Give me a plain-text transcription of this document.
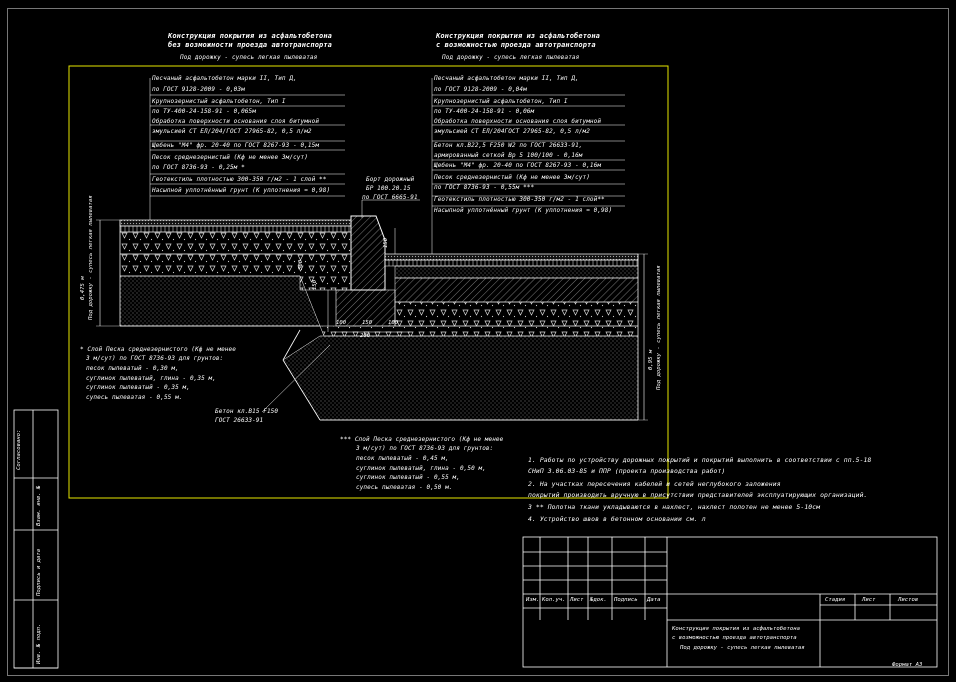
Конструкция покрытия из асфальтобетона
без возможности проезда автотранспорта
Под дорожку - супесь легкая пылеватая
Конструкция покрытия из асфальтобетона
с возможностью проезда автотранспорта
Под дорожку - супесь легкая пылеватая
Песчаный асфальтобетон марки II, Тип Д,
по ГОСТ 9128-2009 - 0,03м
Крупнозернистый асфальтобетон, Тип I
по ТУ-400-24-158-91 - 0,065м
Обработка поверхности основания слоя битумной
эмульсией СТ ЕЛ/204/ГОСТ 27965-82, 0,5 л/м2
Щебень "М4" фр. 20-40 по ГОСТ 8267-93 - 0,15м
Песок среднезернистый (Кф не менее 3м/сут)
по ГОСТ 8736-93 - 0,25м *
Геотекстиль плотностью 300-350 г/м2 - 1 слой **
Насыпной уплотнённый грунт (К уплотнения = 0,98)
Песчаный асфальтобетон марки II, Тип Д,
по ГОСТ 9128-2009 - 0,04м
Крупнозернистый асфальтобетон, Тип I
по ТУ-400-24-158-91 - 0,06м
Обработка поверхности основания слоя битумной
эмульсией СТ ЕЛ/204ГОСТ 27965-82, 0,5 л/м2
Бетон кл.В22,5 F250 W2 по ГОСТ 26633-91,
армированный сеткой Вр 5 100/100 - 0,16м
Щебень "М4" фр. 20-40 по ГОСТ 8267-93 - 0,16м
Песок среднезернистый (Кф не менее 3м/сут)
по ГОСТ 8736-93 - 0,55м ***
Геотекстиль плотностью 300-350 г/м2 - 1 слой**
Насыпной уплотнённый грунт (К уплотнения = 0,98)
Борт дорожный
БР 100.20.15
по ГОСТ 6665-91
Бетон кл.В15 F150
ГОСТ 26633-91
0,475 м Под дорожку - супесь легкая пылеватая
0,95 м Под дорожку - супесь легкая пылеватая
150
300
150
100	150	100
200
* Слой Песка среднезернистого (Кф не менее
3 м/сут) по ГОСТ 8736-93 для грунтов:
песок пылеватый - 0,30 м,
суглинок пылеватый, глина - 0,35 м,
суглинок пылеватый - 0,35 м,
супесь пылеватая - 0,55 м.
*** Слой Песка среднезернистого (Кф не менее
3 м/сут) по ГОСТ 8736-93 для грунтов:
песок пылеватый - 0,45 м,
суглинок пылеватый, глина - 0,50 м,
суглинок пылеватый - 0,55 м,
супесь пылеватая - 0,50 м.
1. Работы по устройству дорожных покрытий и покрытий выполнить в соответствии с пп.5-18
СНиП 3.06.03-85 и ППР (проекта производства работ)
2. На участках пересечения кабелей и сетей неглубокого заложения
покрытий производить вручную в присутствии представителей эксплуатирующих организаций.
3 ** Полотна ткани укладываются в нахлест, нахлест полотен не менее 5-10см
4. Устройство швов в бетонном основании см. л
Согласовано:
Взам. инв. №
Подпись и дата
Инв. № подл.
Изм. Кол.уч. Лист №док. Подпись Дата	Стадия	Лист	Листов
Конструкция покрытия из асфальтобетона
с возможностью проезда автотранспорта
Под дорожку - супесь легкая пылеватая
Формат А3
